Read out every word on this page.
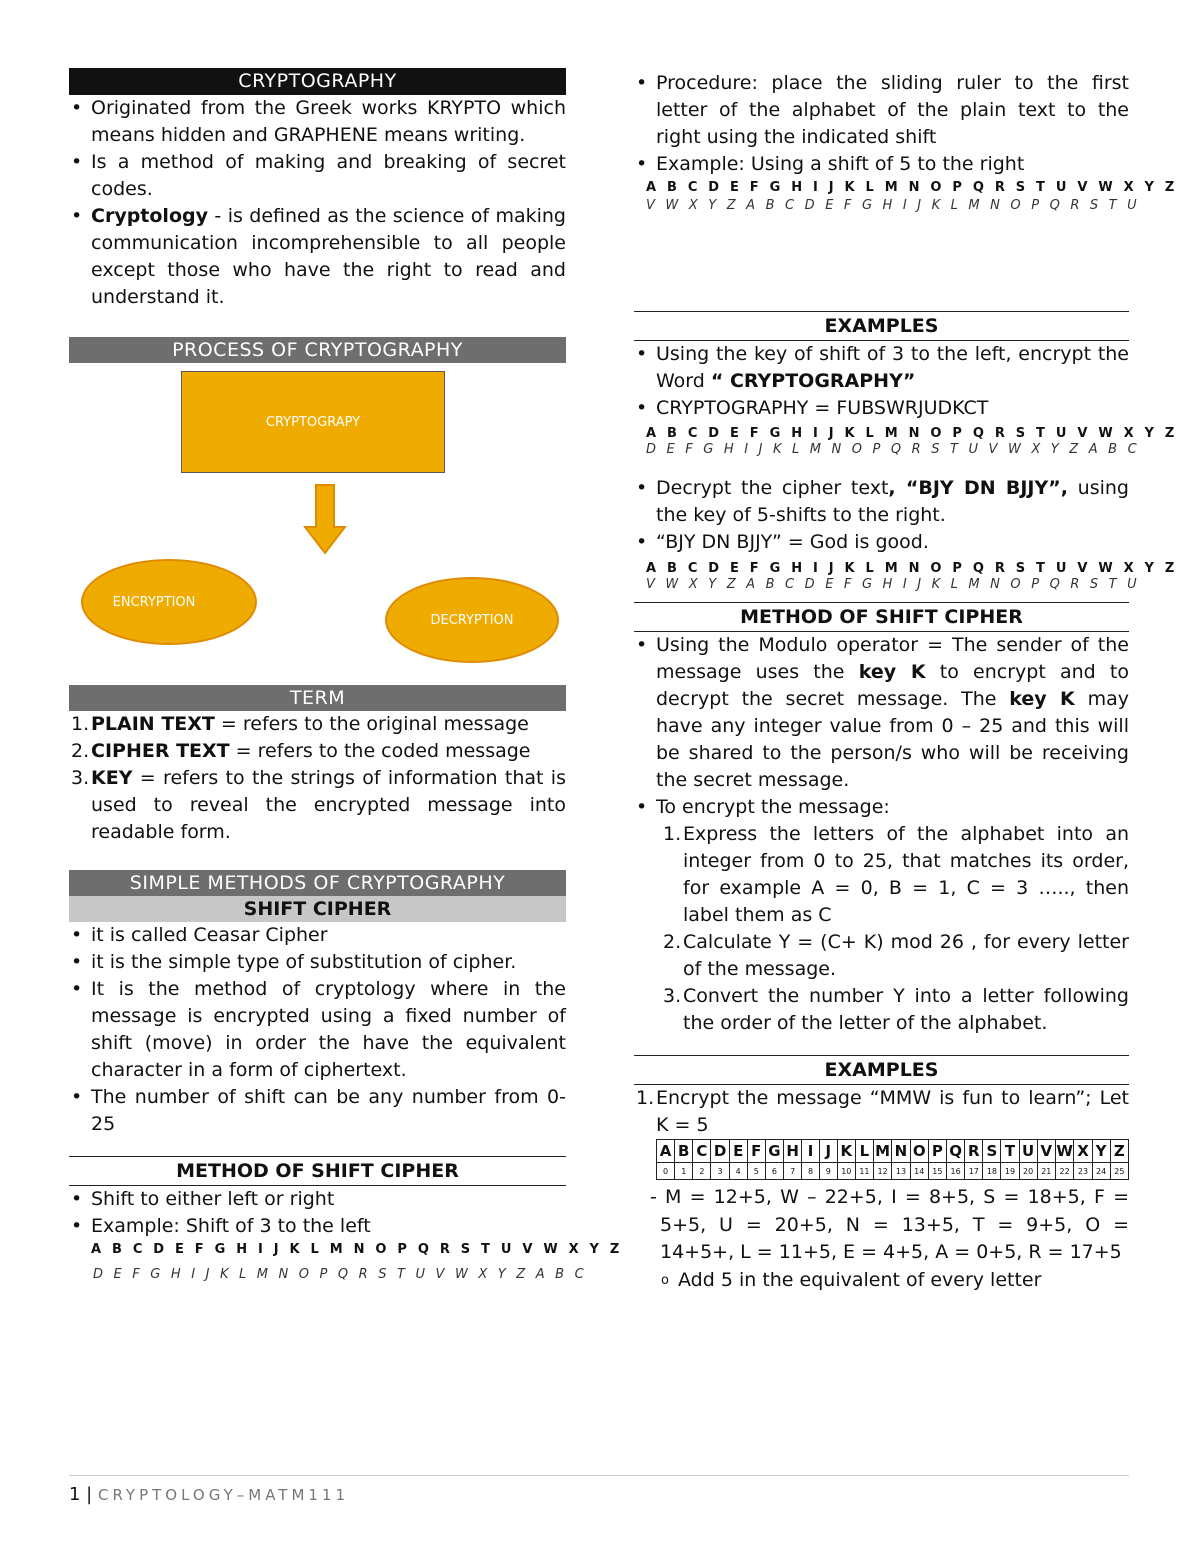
CRYPTOGRAPHY
• Originated from the Greek works KRYPTO which means hidden and GRAPHENE means writing.
• Is a method of making and breaking of secret codes.
• Cryptology - is defined as the science of making communication incomprehensible to all people except those who have the right to read and understand it.
PROCESS OF CRYPTOGRAPHY
CRYPTOGRAPY
ENCRYPTION
DECRYPTION
TERM
1. PLAIN TEXT = refers to the original message
2. CIPHER TEXT = refers to the coded message
3. KEY = refers to the strings of information that is used to reveal the encrypted message into readable form.
SIMPLE METHODS OF CRYPTOGRAPHY
SHIFT CIPHER
• it is called Ceasar Cipher
• it is the simple type of substitution of cipher.
• It is the method of cryptology where in the message is encrypted using a fixed number of shift (move) in order the have the equivalent character in a form of ciphertext.
• The number of shift can be any number from 0- 25
METHOD OF SHIFT CIPHER
• Shift to either left or right
• Example: Shift of 3 to the left
A B C D E F G H I J K L M N O P Q R S T U V W X Y Z
D E F G H I J K L M N O P Q R S T U V W X Y Z A B C
• Procedure: place the sliding ruler to the first letter of the alphabet of the plain text to the right using the indicated shift
• Example: Using a shift of 5 to the right
A B C D E F G H I J K L M N O P Q R S T U V W X Y Z
V W X Y Z A B C D E F G H I J K L M N O P Q R S T U
EXAMPLES
• Using the key of shift of 3 to the left, encrypt the Word “ CRYPTOGRAPHY”
• CRYPTOGRAPHY = FUBSWRJUDKCT
A B C D E F G H I J K L M N O P Q R S T U V W X Y Z
D E F G H I J K L M N O P Q R S T U V W X Y Z A B C
• Decrypt the cipher text, “BJY DN BJJY”, using the key of 5-shifts to the right.
• “BJY DN BJJY” = God is good.
A B C D E F G H I J K L M N O P Q R S T U V W X Y Z
V W X Y Z A B C D E F G H I J K L M N O P Q R S T U
METHOD OF SHIFT CIPHER
• Using the Modulo operator = The sender of the message uses the key K to encrypt and to decrypt the secret message. The key K may have any integer value from 0 – 25 and this will be shared to the person/s who will be receiving the secret message.
• To encrypt the message:
1. Express the letters of the alphabet into an integer from 0 to 25, that matches its order, for example A = 0, B = 1, C = 3 ….., then label them as C
2. Calculate Y = (C+ K) mod 26 , for every letter of the message.
3. Convert the number Y into a letter following the order of the letter of the alphabet.
EXAMPLES
1. Encrypt the message “MMW is fun to learn”; Let K = 5
A	B	C	D	E	F	G	H	I	J	K	L	M	N	O	P	Q	R	S	T	U	V	W	X	Y	Z
0	1	2	3	4	5	6	7	8	9	10	11	12	13	14	15	16	17	18	19	20	21	22	23	24	25
- M = 12+5, W – 22+5, I = 8+5, S = 18+5, F = 5+5, U = 20+5, N = 13+5, T = 9+5, O = 14+5+, L = 11+5, E = 4+5, A = 0+5, R = 17+5
o Add 5 in the equivalent of every letter
1 | CRYPTOLOGY–MATM111
